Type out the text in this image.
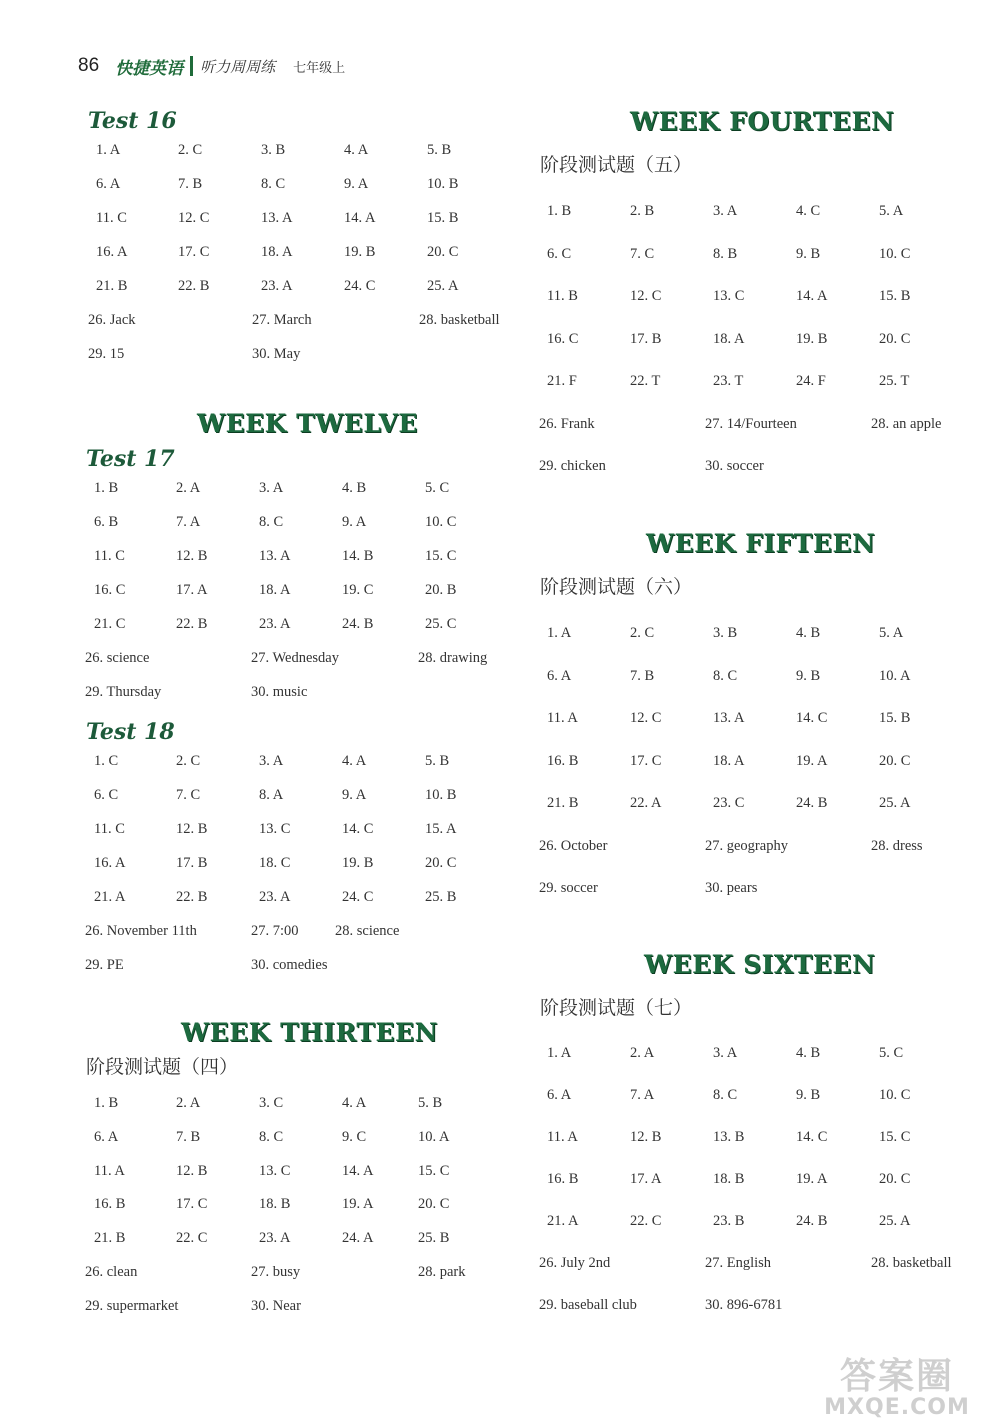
86 快捷英语 听力周周练 七年级上
Test 16
1. A	2. C	3. B	4. A	5. B
6. A	7. B	8. C	9. A	10. B
11. C	12. C	13. A	14. A	15. B
16. A	17. C	18. A	19. B	20. C
21. B	22. B	23. A	24. C	25. A
26. Jack	27. March	28. basketball
29. 15	30. May
WEEK TWELVE
Test 17
1. B	2. A	3. A	4. B	5. C
6. B	7. A	8. C	9. A	10. C
11. C	12. B	13. A	14. B	15. C
16. C	17. A	18. A	19. C	20. B
21. C	22. B	23. A	24. B	25. C
26. science	27. Wednesday	28. drawing
29. Thursday	30. music
Test 18
1. C	2. C	3. A	4. A	5. B
6. C	7. C	8. A	9. A	10. B
11. C	12. B	13. C	14. C	15. A
16. A	17. B	18. C	19. B	20. C
21. A	22. B	23. A	24. C	25. B
26. November 11th	27. 7:00	28. science
29. PE	30. comedies
WEEK THIRTEEN
阶段测试题（四）
1. B	2. A	3. C	4. A	5. B
6. A	7. B	8. C	9. C	10. A
11. A	12. B	13. C	14. A	15. C
16. B	17. C	18. B	19. A	20. C
21. B	22. C	23. A	24. A	25. B
26. clean	27. busy	28. park
29. supermarket	30. Near
WEEK FOURTEEN
阶段测试题（五）
1. B	2. B	3. A	4. C	5. A
6. C	7. C	8. B	9. B	10. C
11. B	12. C	13. C	14. A	15. B
16. C	17. B	18. A	19. B	20. C
21. F	22. T	23. T	24. F	25. T
26. Frank	27. 14/Fourteen	28. an apple
29. chicken	30. soccer
WEEK FIFTEEN
阶段测试题（六）
1. A	2. C	3. B	4. B	5. A
6. A	7. B	8. C	9. B	10. A
11. A	12. C	13. A	14. C	15. B
16. B	17. C	18. A	19. A	20. C
21. B	22. A	23. C	24. B	25. A
26. October	27. geography	28. dress
29. soccer	30. pears
WEEK SIXTEEN
阶段测试题（七）
1. A	2. A	3. A	4. B	5. C
6. A	7. A	8. C	9. B	10. C
11. A	12. B	13. B	14. C	15. C
16. B	17. A	18. B	19. A	20. C
21. A	22. C	23. B	24. B	25. A
26. July 2nd	27. English	28. basketball
29. baseball club	30. 896-6781
答案圈
MXQE.COM
